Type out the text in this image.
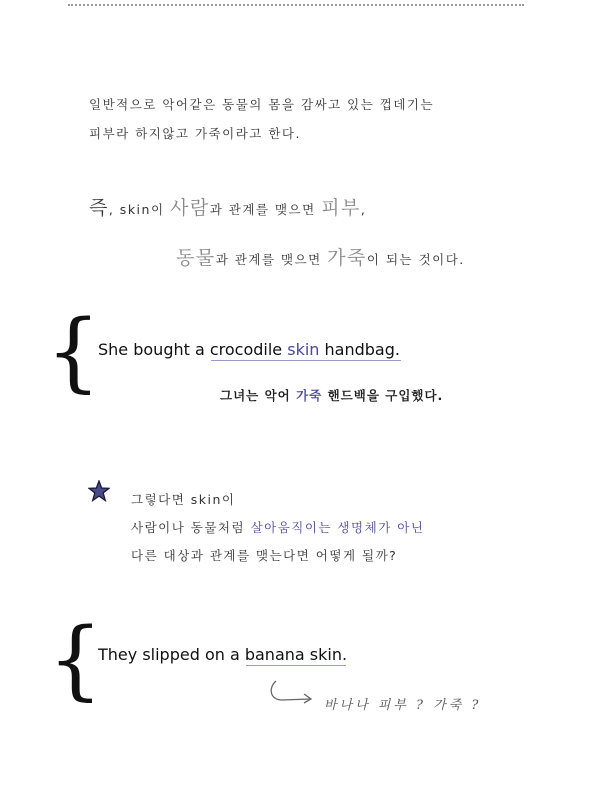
일반적으로 악어같은 동물의 몸을 감싸고 있는 껍데기는
피부라 하지않고 가죽이라고 한다.
즉, skin이 사람과 관계를 맺으면 피부,
동물과 관계를 맺으면 가죽이 되는 것이다.
{
She bought a crocodile skin handbag.
그녀는 악어 가죽 핸드백을 구입했다.
그렇다면 skin이
사람이나 동물처럼 살아움직이는 생명체가 아닌
다른 대상과 관계를 맺는다면 어떻게 될까?
{
They slipped on a banana skin.
바나나 피부 ? 가죽 ?
